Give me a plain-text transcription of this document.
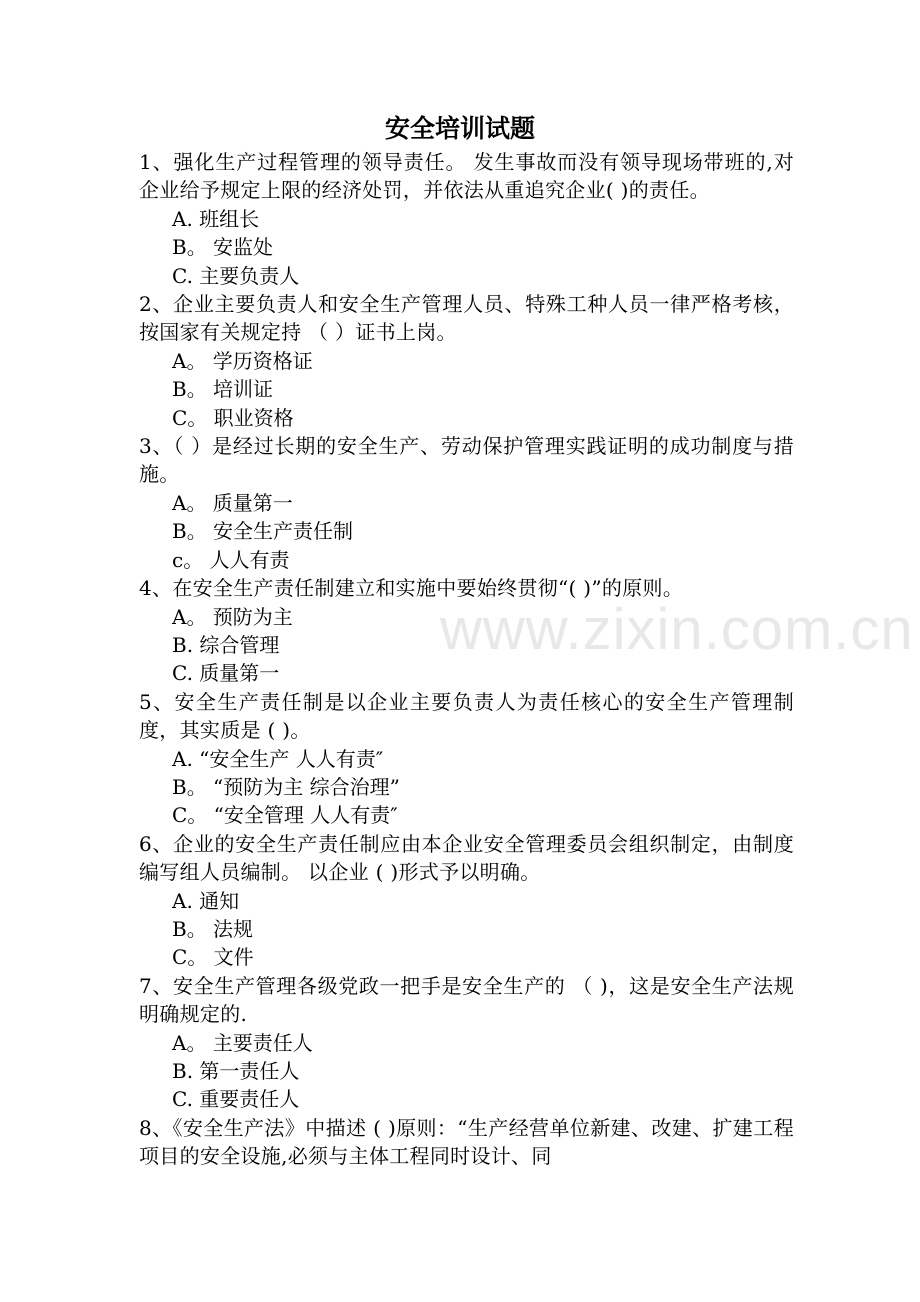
www.zixin.com.cn
安全培训试题

1、强化生产过程管理的领导责任。 发生事故而没有领导现场带班的,对企业给予规定上限的经济处罚，并依法从重追究企业( )的责任。

A. 班组长
B。 安监处
C. 主要负责人

2、企业主要负责人和安全生产管理人员、特殊工种人员一律严格考核，按国家有关规定持 （ ）证书上岗。

A。 学历资格证
B。 培训证
C。 职业资格

3、（ ）是经过长期的安全生产、劳动保护管理实践证明的成功制度与措施。

A。 质量第一
B。 安全生产责任制
c。 人人有责

4、在安全生产责任制建立和实施中要始终贯彻“( )”的原则。

A。 预防为主
B. 综合管理
C. 质量第一

5、安全生产责任制是以企业主要负责人为责任核心的安全生产管理制度，其实质是 ( )。

A. “安全生产 人人有责″
B。 “预防为主 综合治理”
C。 “安全管理 人人有责″

6、企业的安全生产责任制应由本企业安全管理委员会组织制定，由制度编写组人员编制。 以企业 ( )形式予以明确。

A. 通知
B。 法规
C。 文件

7、安全生产管理各级党政一把手是安全生产的 （ )，这是安全生产法规明确规定的.

A。 主要责任人
B. 第一责任人
C. 重要责任人

8、《安全生产法》中描述 ( )原则：“生产经营单位新建、改建、扩建工程项目的安全设施,必须与主体工程同时设计、同
